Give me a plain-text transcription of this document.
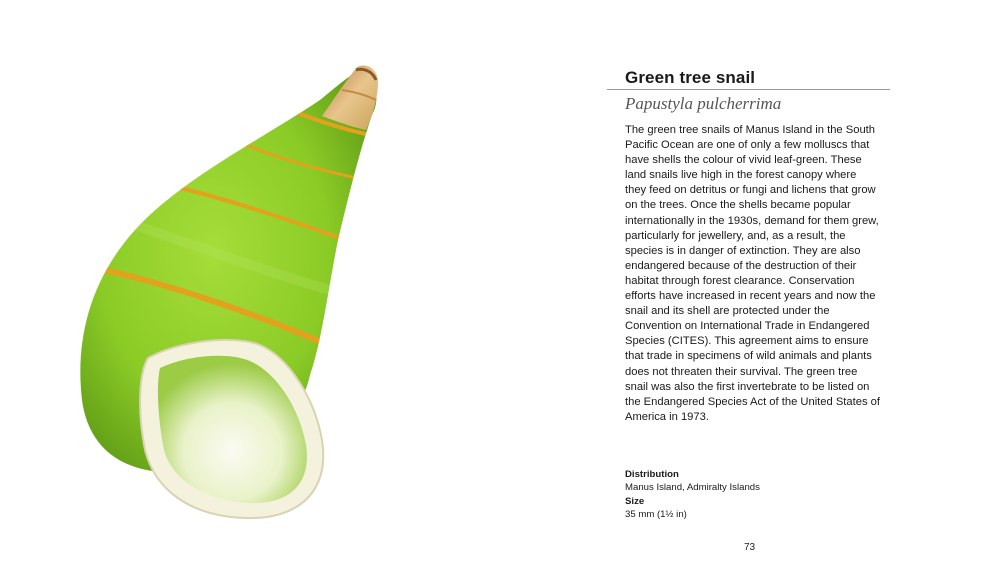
Green tree snail
Papustyla pulcherrima

The green tree snails of Manus Island in the South Pacific Ocean are one of only a few molluscs that have shells the colour of vivid leaf-green. These land snails live high in the forest canopy where they feed on detritus or fungi and lichens that grow on the trees. Once the shells became popular internationally in the 1930s, demand for them grew, particularly for jewellery, and, as a result, the species is in danger of extinction. They are also endangered because of the destruction of their habitat through forest clearance. Conservation efforts have increased in recent years and now the snail and its shell are protected under the Convention on International Trade in Endangered Species (CITES). This agreement aims to ensure that trade in specimens of wild animals and plants does not threaten their survival. The green tree snail was also the first invertebrate to be listed on the Endangered Species Act of the United States of America in 1973.

Distribution
Manus Island, Admiralty Islands
Size
35 mm (1½ in)
73
